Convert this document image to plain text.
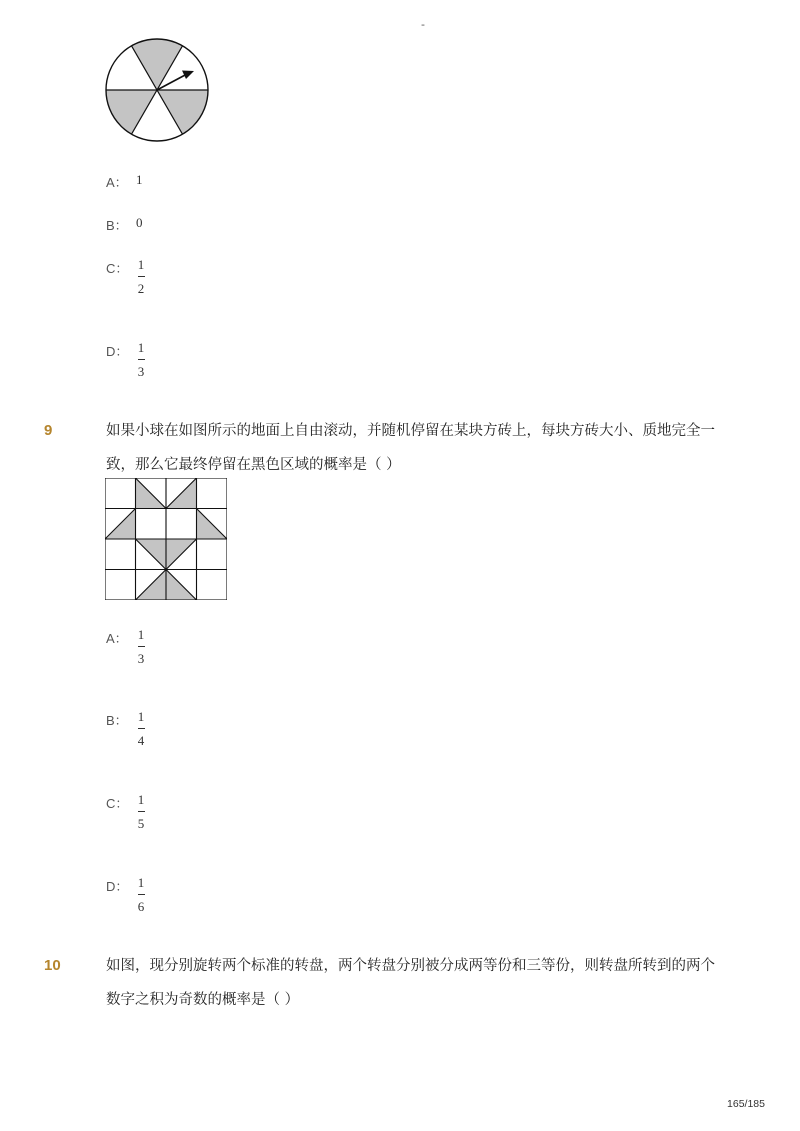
-
A： 1
B： 0
C： 1
2
D： 1
3
9	如果小球在如图所示的地面上自由滚动，并随机停留在某块方砖上，每块方砖大小、质地完全一
致，那么它最终停留在黑色区域的概率是（ ）
A： 1
3
B： 1
4
C： 1
5
D： 1
6
10	如图，现分别旋转两个标准的转盘，两个转盘分别被分成两等份和三等份，则转盘所转到的两个
数字之积为奇数的概率是（ ）
165/185
